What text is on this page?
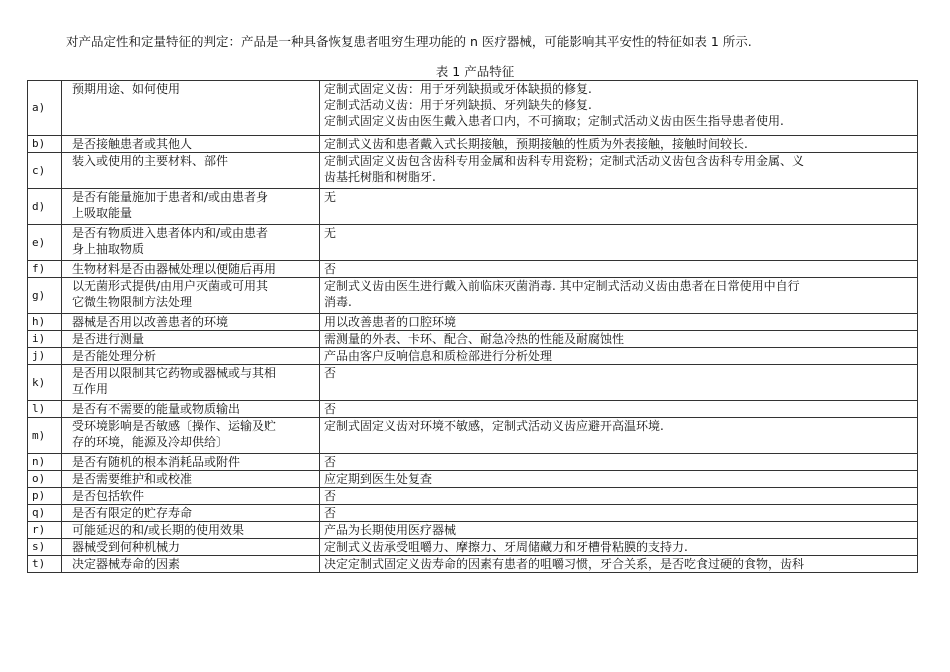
对产品定性和定量特征的判定：产品是一种具备恢复患者咀穷生理功能的 n 医疗器械，可能影响其平安性的特征如表 1 所示.
表 1 产品特征
a)	预期用途、如何使用	定制式固定义齿：用于牙列缺损或牙体缺损的修复.
定制式活动义齿：用于牙列缺损、牙列缺失的修复.
定制式固定义齿由医生戴入患者口内，不可摘取；定制式活动义齿由医生指导患者使用.

b)	是否接触患者或其他人	定制式义齿和患者戴入式长期接触，预期接触的性质为外表接触，接触时间较长.

c)	装入或使用的主要材料、部件	定制式固定义齿包含齿科专用金属和齿科专用瓷粉；定制式活动义齿包含齿科专用金属、义
齿基托树脂和树脂牙.

d)	是否有能量施加于患者和/或由患者身
上吸取能量	无

e)	是否有物质进入患者体内和/或由患者
身上抽取物质	无

f)	生物材料是否由器械处理以便随后再用	否

g)	以无菌形式提供/由用户灭菌或可用其
它微生物限制方法处理	定制式义齿由医生进行戴入前临床灭菌消毒. 其中定制式活动义齿由患者在日常使用中自行
消毒.

h)	器械是否用以改善患者的环境	用以改善患者的口腔环境

i)	是否进行测量	需测量的外表、卡环、配合、耐急冷热的性能及耐腐蚀性

j)	是否能处理分析	产品由客户反响信息和质检部进行分析处理

k)	是否用以限制其它药物或器械或与其相
互作用	否

l)	是否有不需要的能量或物质输出	否

m)	受环境影响是否敏感〔操作、运输及贮
存的环境，能源及冷却供给〕	定制式固定义齿对环境不敏感，定制式活动义齿应避开高温环境.

n)	是否有随机的根本消耗品或附件	否

o)	是否需要维护和或校准	应定期到医生处复查

p)	是否包括软件	否

q)	是否有限定的贮存寿命	否

r)	可能延迟的和/或长期的使用效果	产品为长期使用医疗器械

s)	器械受到何种机械力	定制式义齿承受咀嚼力、摩擦力、牙周储藏力和牙槽骨粘膜的支持力.

t)	决定器械寿命的因素	决定定制式固定义齿寿命的因素有患者的咀嚼习惯，牙合关系，是否吃食过硬的食物，齿科
